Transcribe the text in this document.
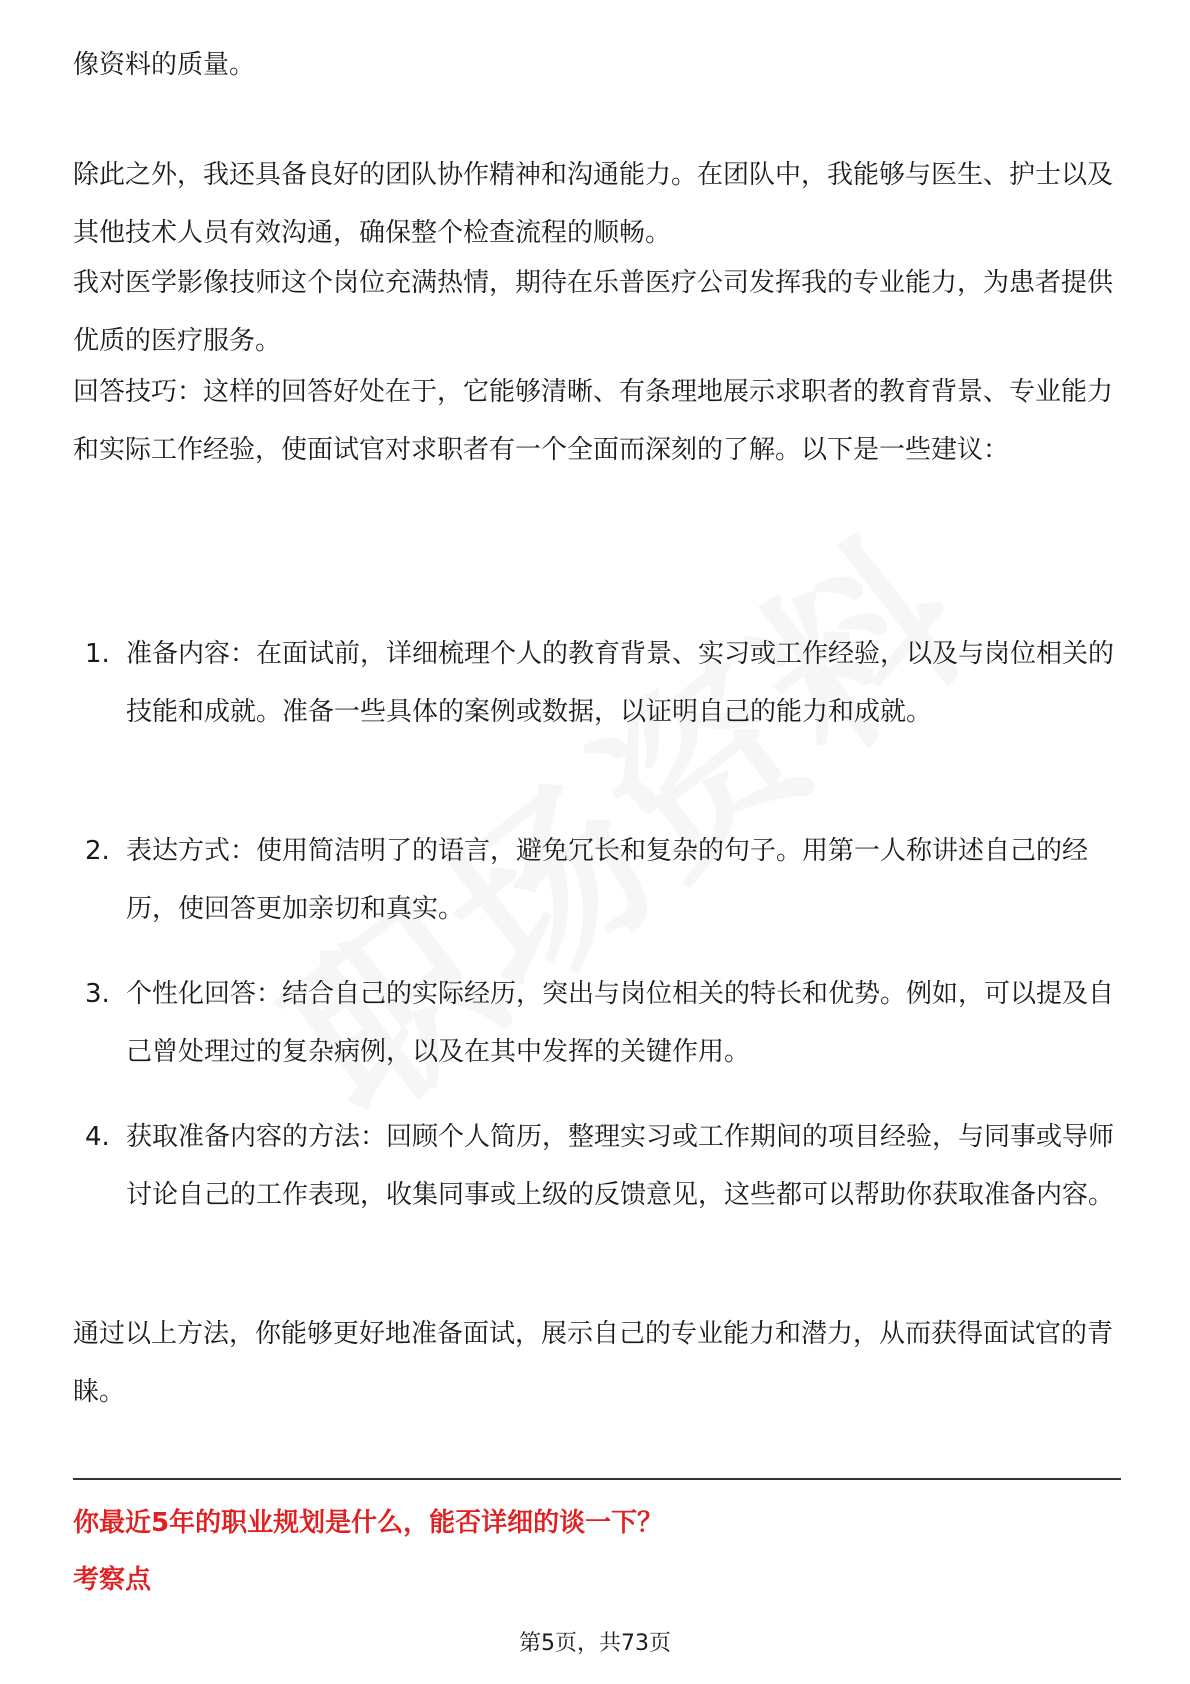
像资料的质量。

除此之外，我还具备良好的团队协作精神和沟通能力。在团队中，我能够与医生、护士以及其他技术人员有效沟通，确保整个检查流程的顺畅。

我对医学影像技师这个岗位充满热情，期待在乐普医疗公司发挥我的专业能力，为患者提供优质的医疗服务。

回答技巧：这样的回答好处在于，它能够清晰、有条理地展示求职者的教育背景、专业能力和实际工作经验，使面试官对求职者有一个全面而深刻的了解。以下是一些建议：

1. 准备内容：在面试前，详细梳理个人的教育背景、实习或工作经验，以及与岗位相关的技能和成就。准备一些具体的案例或数据，以证明自己的能力和成就。

2. 表达方式：使用简洁明了的语言，避免冗长和复杂的句子。用第一人称讲述自己的经历，使回答更加亲切和真实。

3. 个性化回答：结合自己的实际经历，突出与岗位相关的特长和优势。例如，可以提及自己曾处理过的复杂病例，以及在其中发挥的关键作用。

4. 获取准备内容的方法：回顾个人简历，整理实习或工作期间的项目经验，与同事或导师讨论自己的工作表现，收集同事或上级的反馈意见，这些都可以帮助你获取准备内容。

通过以上方法，你能够更好地准备面试，展示自己的专业能力和潜力，从而获得面试官的青睐。

你最近5年的职业规划是什么，能否详细的谈一下？
考察点
第5页，共73页
